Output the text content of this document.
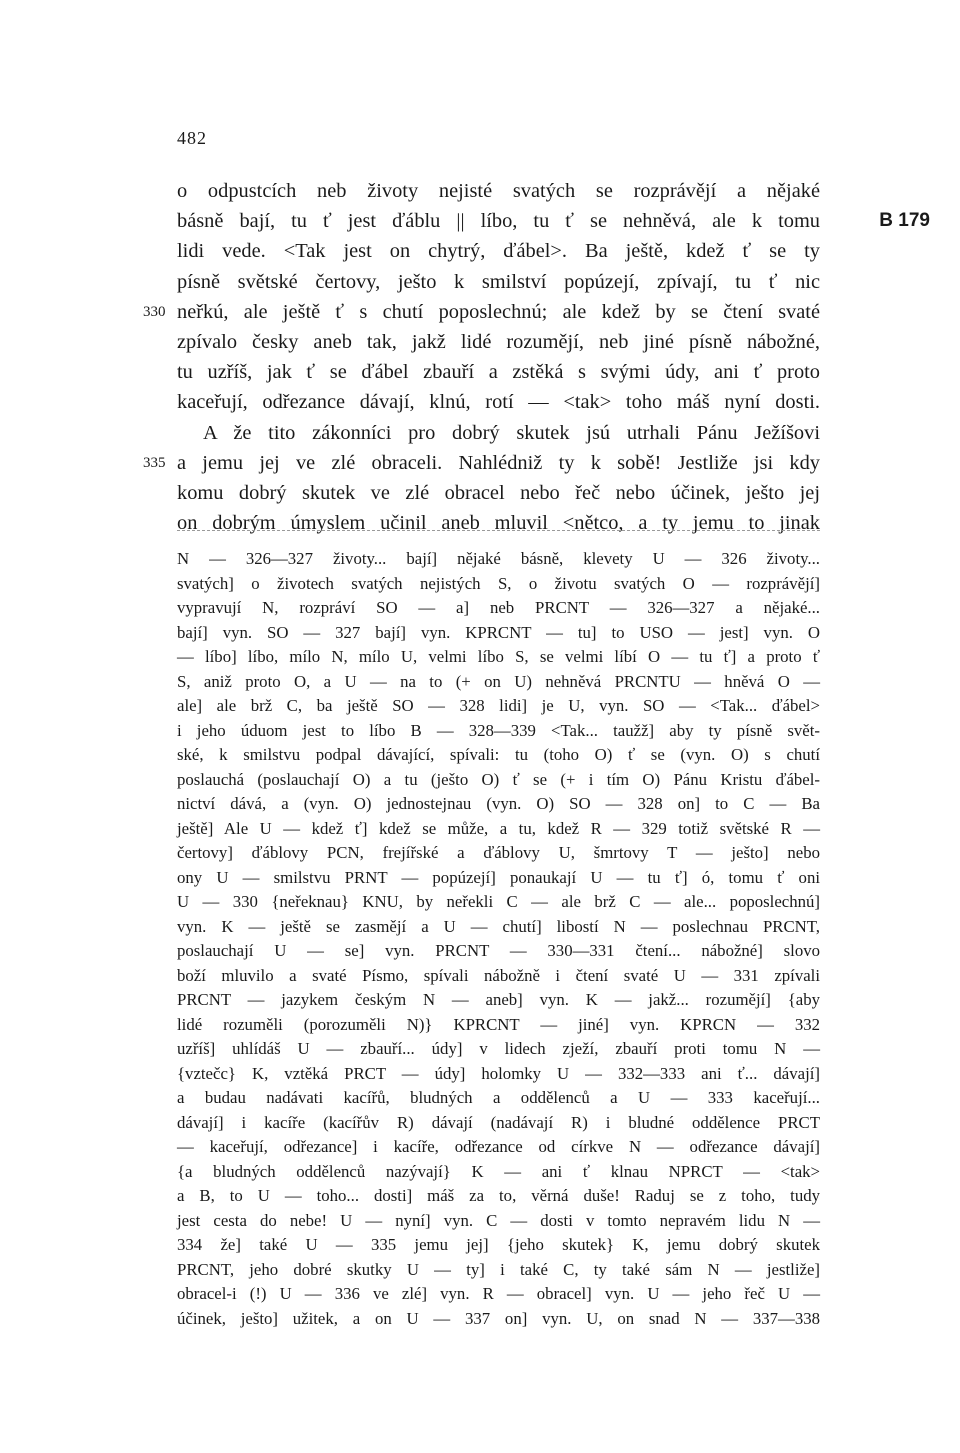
482
o odpustcích neb životy nejisté svatých se rozprávějí a nějaké
básně bají, tu ť jest ďáblu || líbo, tu ť se nehněvá, ale k tomu	B 179
lidi vede. <Tak jest on chytrý, ďábel>. Ba ještě, kdež ť se ty
písně světské čertovy, ješto k smilství popúzejí, zpívají, tu ť nic
330 neřkú, ale ještě ť s chutí poposlechnú; ale kdež by se čtení svaté
zpívalo česky aneb tak, jakž lidé rozumějí, neb jiné písně nábožné,
tu uzříš, jak ť se ďábel zbauří a zstěká s svými údy, ani ť proto
kaceřují, odřezance dávají, klnú, rotí — <tak> toho máš nyní dosti.
A že tito zákonníci pro dobrý skutek jsú utrhali Pánu Ježíšovi
335 a jemu jej ve zlé obraceli. Nahlédniž ty k sobě! Jestliže jsi kdy
komu dobrý skutek ve zlé obracel nebo řeč nebo účinek, ješto jej
on dobrým úmyslem učinil aneb mluvil <nětco, a ty jemu to jinak
N — 326—327 životy... bají] nějaké básně, klevety U — 326 životy...
svatých] o životech svatých nejistých S, o životu svatých O — rozprávějí]
vypravují N, rozpráví SO — a] neb PRCNT — 326—327 a nějaké...
bají] vyn. SO — 327 bají] vyn. KPRCNT — tu] to USO — jest] vyn. O
— líbo] líbo, mílo N, mílo U, velmi líbo S, se velmi líbí O — tu ť] a proto ť
S, aniž proto O, a U — na to (+ on U) nehněvá PRCNTU — hněvá O —
ale] ale brž C, ba ještě SO — 328 lidi] je U, vyn. SO — <Tak... ďábel>
i jeho úduom jest to líbo B — 328—339 <Tak... taužž] aby ty písně svět-
ské, k smilstvu podpal dávající, spívali: tu (toho O) ť se (vyn. O) s chutí
poslauchá (poslauchají O) a tu (ješto O) ť se (+ i tím O) Pánu Kristu ďábel-
nictví dává, a (vyn. O) jednostejnau (vyn. O) SO — 328 on] to C — Ba
ještě] Ale U — kdež ť] kdež se může, a tu, kdež R — 329 totiž světské R —
čertovy] ďáblovy PCN, frejířské a ďáblovy U, šmrtovy T — ješto] nebo
ony U — smilstvu PRNT — popúzejí] ponaukají U — tu ť] ó, tomu ť oni
U — 330 {neřeknau} KNU, by neřekli C — ale brž C — ale... poposlechnú]
vyn. K — ještě se zasmějí a U — chutí] libostí N — poslechnau PRCNT,
poslauchají U — se] vyn. PRCNT — 330—331 čtení... nábožné] slovo
boží mluvilo a svaté Písmo, spívali nábožně i čtení svaté U — 331 zpívali
PRCNT — jazykem českým N — aneb] vyn. K — jakž... rozumějí] {aby
lidé rozuměli (porozuměli N)} KPRCNT — jiné] vyn. KPRCN — 332
uzříš] uhlídáš U — zbauří... údy] v lidech zježí, zbauří proti tomu N —
{vztečc} K, vztěká PRCT — údy] holomky U — 332—333 ani ť... dávají]
a budau nadávati kacířů, bludných a oddělenců a U — 333 kaceřují...
dávají] i kacíře (kacířův R) dávají (nadávají R) i bludné oddělence PRCT
— kaceřují, odřezance] i kacíře, odřezance od církve N — odřezance dávají]
{a bludných oddělenců nazývají} K — ani ť klnau NPRCT — <tak>
a B, to U — toho... dosti] máš za to, věrná duše! Raduj se z toho, tudy
jest cesta do nebe! U — nyní] vyn. C — dosti v tomto nepravém lidu N —
334 že] také U — 335 jemu jej] {jeho skutek} K, jemu dobrý skutek
PRCNT, jeho dobré skutky U — ty] i také C, ty také sám N — jestliže]
obracel-i (!) U — 336 ve zlé] vyn. R — obracel] vyn. U — jeho řeč U —
účinek, ješto] užitek, a on U — 337 on] vyn. U, on snad N — 337—338
